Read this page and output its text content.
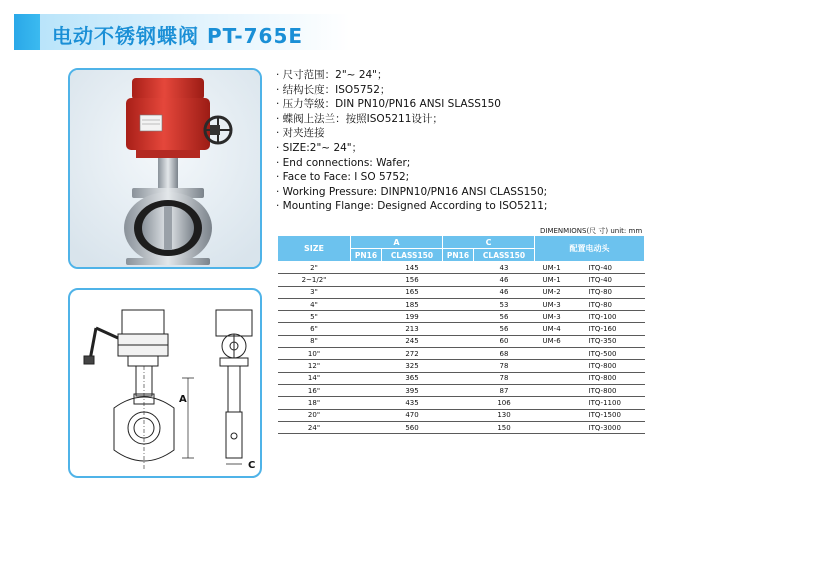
电动不锈钢蝶阀 PT-765E
A
C
· 尺寸范围：2"~ 24"；
· 结构长度：ISO5752；
· 压力等级：DIN PN10/PN16 ANSI SLASS150
· 蝶阀上法兰：按照ISO5211设计；
· 对夹连接
· SIZE:2"~ 24"；
· End connections: Wafer;
· Face to Face: I SO 5752;
· Working Pressure: DINPN10/PN16 ANSI CLASS150;
· Mounting Flange: Designed According to ISO5211;
DIMENMIONS(尺 寸) unit: mm
SIZE	A		C		配置电动头
	PN16	CLASS150	PN16	CLASS150	
2"		145		43	UM-1 ITQ-40
2~1/2"		156		46	UM-1 ITQ-40
3"		165		46	UM-2 ITQ-80
4"		185		53	UM-3 ITQ-80
5"		199		56	UM-3 ITQ-100
6"		213		56	UM-4 ITQ-160
8"		245		60	UM-6 ITQ-350
10"		272		68	ITQ-500
12"		325		78	ITQ-800
14"		365		78	ITQ-800
16"		395		87	ITQ-800
18"		435		106	ITQ-1100
20"		470		130	ITQ-1500
24"		560		150	ITQ-3000
